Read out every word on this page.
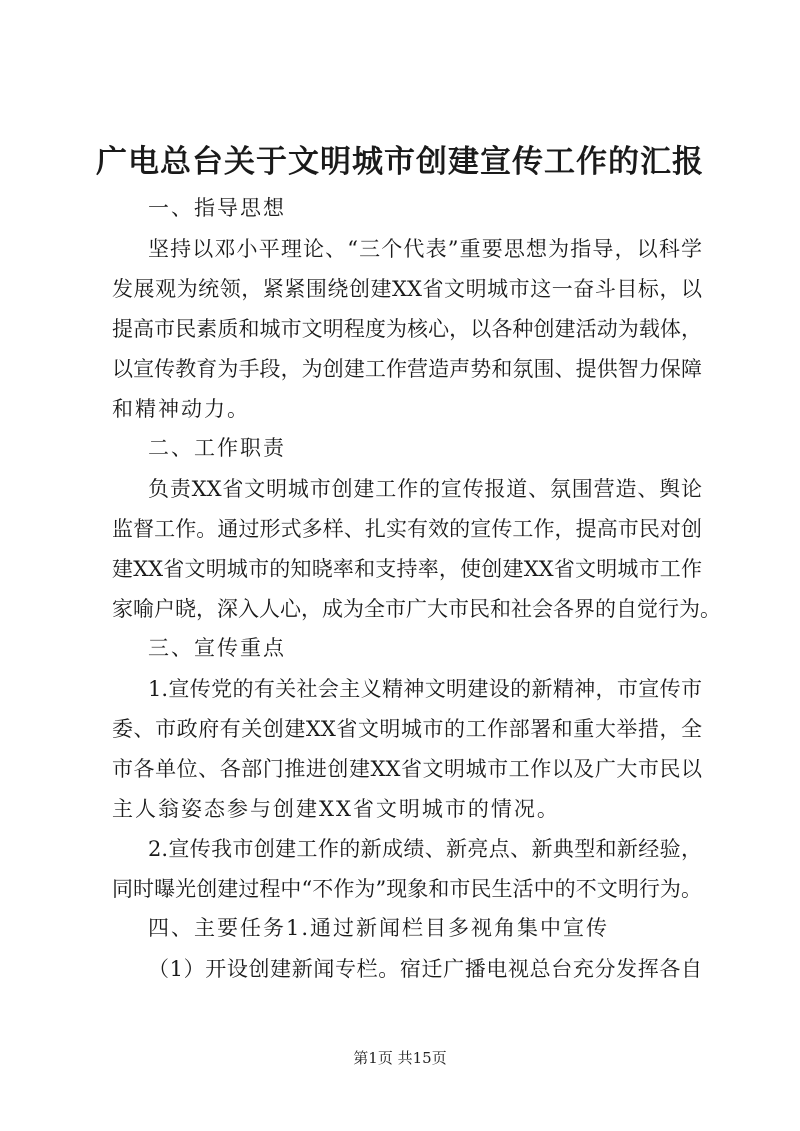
广电总台关于文明城市创建宣传工作的汇报
一、指导思想
坚持以邓小平理论、“三个代表”重要思想为指导，以科学
发展观为统领，紧紧围绕创建XX省文明城市这一奋斗目标，以
提高市民素质和城市文明程度为核心，以各种创建活动为载体，
以宣传教育为手段，为创建工作营造声势和氛围、提供智力保障
和精神动力。
二、工作职责
负责XX省文明城市创建工作的宣传报道、氛围营造、舆论
监督工作。通过形式多样、扎实有效的宣传工作，提高市民对创
建XX省文明城市的知晓率和支持率，使创建XX省文明城市工作
家喻户晓，深入人心，成为全市广大市民和社会各界的自觉行为。
三、宣传重点
1.宣传党的有关社会主义精神文明建设的新精神，市宣传市
委、市政府有关创建XX省文明城市的工作部署和重大举措，全
市各单位、各部门推进创建XX省文明城市工作以及广大市民以
主人翁姿态参与创建XX省文明城市的情况。
2.宣传我市创建工作的新成绩、新亮点、新典型和新经验，
同时曝光创建过程中“不作为”现象和市民生活中的不文明行为。
四、主要任务1.通过新闻栏目多视角集中宣传
（1）开设创建新闻专栏。宿迁广播电视总台充分发挥各自
第1页 共15页
